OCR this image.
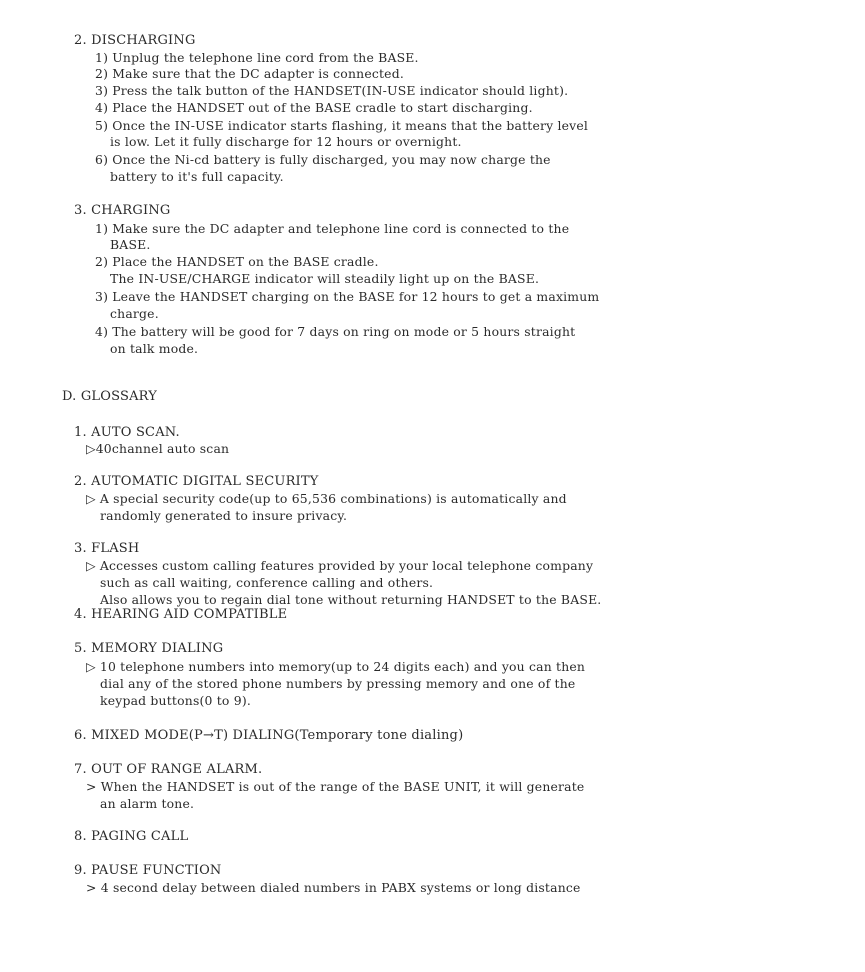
2. DISCHARGING
1) Unplug the telephone line cord from the BASE.
2) Make sure that the DC adapter is connected.
3) Press the talk button of the HANDSET(IN-USE indicator should light).
4) Place the HANDSET out of the BASE cradle to start discharging.
5) Once the IN-USE indicator starts flashing, it means that the battery level
is low. Let it fully discharge for 12 hours or overnight.
6) Once the Ni-cd battery is fully discharged, you may now charge the
battery to it's full capacity.
3. CHARGING
1) Make sure the DC adapter and telephone line cord is connected to the
BASE.
2) Place the HANDSET on the BASE cradle.
The IN-USE/CHARGE indicator will steadily light up on the BASE.
3) Leave the HANDSET charging on the BASE for 12 hours to get a maximum
charge.
4) The battery will be good for 7 days on ring on mode or 5 hours straight
on talk mode.
D. GLOSSARY
1. AUTO SCAN.
▷40channel auto scan
2. AUTOMATIC DIGITAL SECURITY
▷ A special security code(up to 65,536 combinations) is automatically and
randomly generated to insure privacy.
3. FLASH
▷ Accesses custom calling features provided by your local telephone company
such as call waiting, conference calling and others.
Also allows you to regain dial tone without returning HANDSET to the BASE.
4. HEARING AID COMPATIBLE
5. MEMORY DIALING
▷ 10 telephone numbers into memory(up to 24 digits each) and you can then
dial any of the stored phone numbers by pressing memory and one of the
keypad buttons(0 to 9).
6. MIXED MODE(P→T) DIALING(Temporary tone dialing)
7. OUT OF RANGE ALARM.
> When the HANDSET is out of the range of the BASE UNIT, it will generate
an alarm tone.
8. PAGING CALL
9. PAUSE FUNCTION
> 4 second delay between dialed numbers in PABX systems or long distance
